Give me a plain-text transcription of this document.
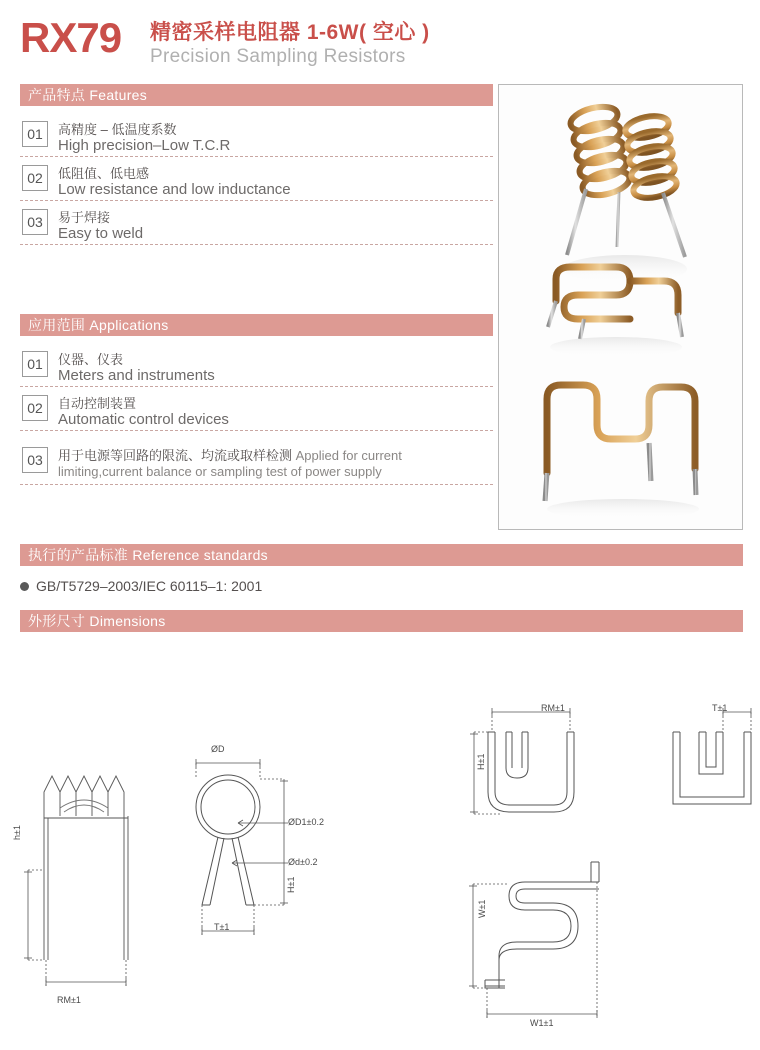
RX79 精密采样电阻器 1-6W( 空心 )
Precision Sampling Resistors
产品特点 Features
01	高精度 – 低温度系数
High precision–Low T.C.R
02	低阻值、低电感
Low resistance and low inductance
03	易于焊接
Easy to weld
应用范围 Applications
01	仪器、仪表
Meters and instruments
02	自动控制装置
Automatic control devices
03	用于电源等回路的限流、均流或取样检测 Applied for current
limiting,current balance or sampling test of power supply
执行的产品标准 Reference standards
GB/T5729–2003/IEC 60115–1: 2001
外形尺寸 Dimensions
h±1
RM±1
ØD
ØD1±0.2
Ød±0.2
H±1
T±1
RM±1
H±1
T±1
W±1
W1±1
